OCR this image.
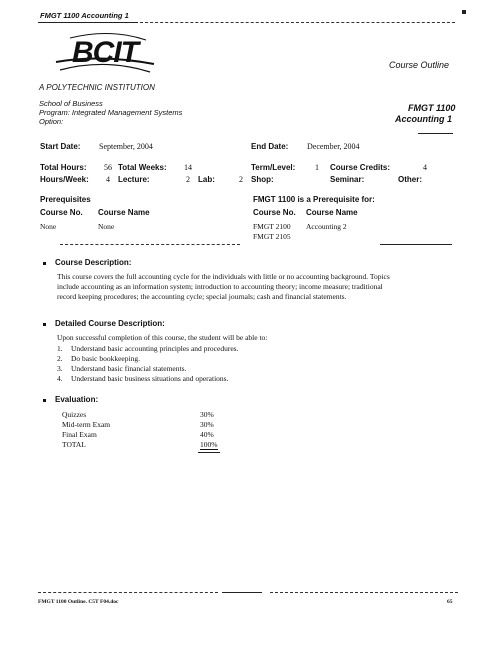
FMGT 1100 Accounting 1
BCIT
A POLYTECHNIC INSTITUTION
Course Outline
School of Business
Program: Integrated Management Systems
Option:
FMGT 1100
Accounting 1
Start Date: September, 2004	End Date: December, 2004
Total Hours: 56 Total Weeks: 14	Term/Level: 1 Course Credits:	4
Hours/Week: 4 Lecture:	2 Lab:	2 Shop:	Seminar:	Other:
Prerequisites
Course No. Course Name
None	None
FMGT 1100 is a Prerequisite for:
Course No. Course Name
FMGT 2100 Accounting 2
FMGT 2105
Course Description:
This course covers the full accounting cycle for the individuals with little or no accounting background. Topics
include accounting as an information system; introduction to accounting theory; income measure; traditional
record keeping procedures; the accounting cycle; special journals; cash and financial statements.
Detailed Course Description:
Upon successful completion of this course, the student will be able to:
1. Understand basic accounting principles and procedures.
2. Do basic bookkeeping.
3. Understand basic financial statements.
4. Understand basic business situations and operations.
Evaluation:
Quizzes	30%
Mid-term Exam	30%
Final Exam	40%
TOTAL	100%
FMGT 1100 Outline. C5T F04.doc	65
